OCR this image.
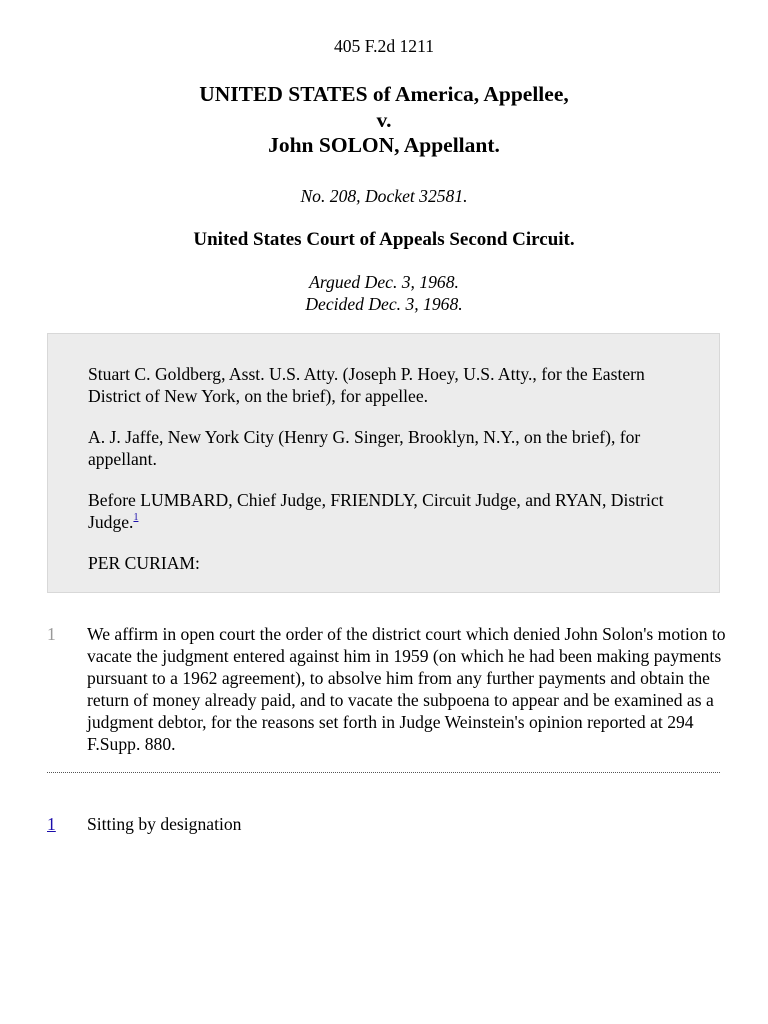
405 F.2d 1211
UNITED STATES of America, Appellee,
v.
John SOLON, Appellant.
No. 208, Docket 32581.
United States Court of Appeals Second Circuit.
Argued Dec. 3, 1968.
Decided Dec. 3, 1968.

Stuart C. Goldberg, Asst. U.S. Atty. (Joseph P. Hoey, U.S. Atty., for the Eastern District of New York, on the brief), for appellee.

A. J. Jaffe, New York City (Henry G. Singer, Brooklyn, N.Y., on the brief), for appellant.

Before LUMBARD, Chief Judge, FRIENDLY, Circuit Judge, and RYAN, District Judge.$^1$

PER CURIAM:

1 We affirm in open court the order of the district court which denied John Solon's motion to vacate the judgment entered against him in 1959 (on which he had been making payments pursuant to a 1962 agreement), to absolve him from any further payments and obtain the return of money already paid, and to vacate the subpoena to appear and be examined as a judgment debtor, for the reasons set forth in Judge Weinstein's opinion reported at 294 F.Supp. 880.

1 Sitting by designation
